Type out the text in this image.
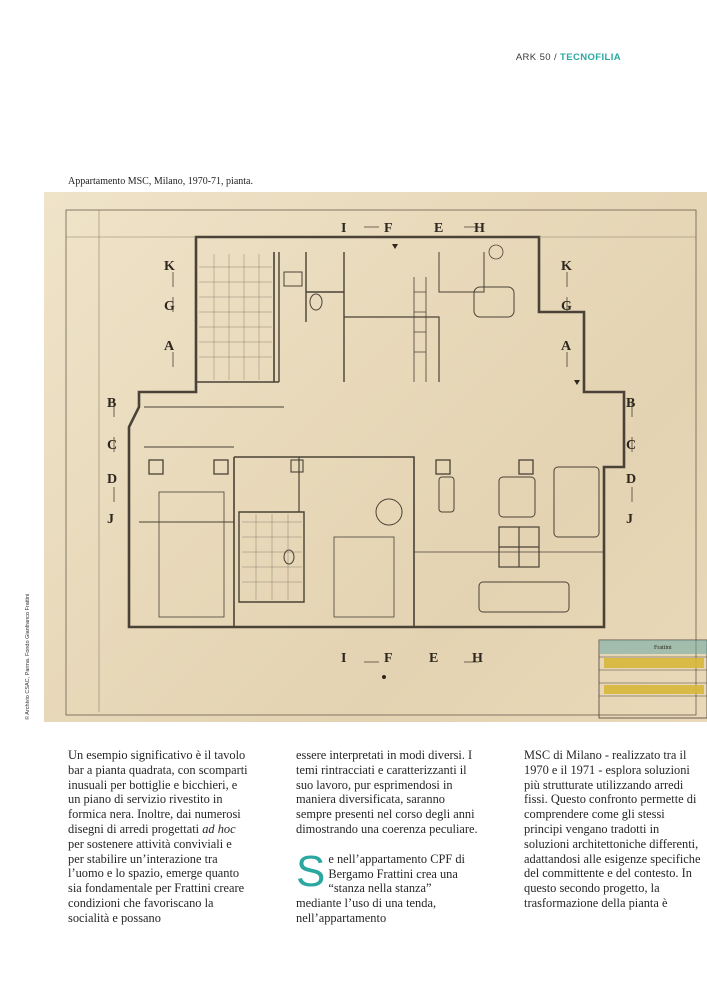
ARK 50 / TECNOFILIA
Appartamento MSC, Milano, 1970-71, pianta.
© Archivio CSAC, Parma. Fondo Gianfranco Frattini
I	F	E H
I	F	E H
K
G
A
B
C
D
J
K
G
A
B
C
D
J
Frattini

Un esempio significativo è il tavolo bar a pianta quadrata, con scomparti inusuali per bottiglie e bicchieri, e un piano di servizio rivestito in formica nera. Inoltre, dai numerosi disegni di arredi progettati ad hoc per sostenere attività conviviali e per stabilire un’interazione tra l’uomo e lo spazio, emerge quanto sia fondamentale per Frattini creare condizioni che favoriscano la socialità e possano

essere interpretati in modi diversi. I temi rintracciati e caratterizzanti il suo lavoro, pur esprimendosi in maniera diversificata, saranno sempre presenti nel corso degli anni dimostrando una coerenza peculiare.

Se nell’appartamento CPF di Bergamo Frattini crea una “stanza nella stanza” mediante l’uso di una tenda, nell’appartamento

MSC di Milano - realizzato tra il 1970 e il 1971 - esplora soluzioni più strutturate utilizzando arredi fissi. Questo confronto permette di comprendere come gli stessi principi vengano tradotti in soluzioni architettoniche differenti, adattandosi alle esigenze specifiche del committente e del contesto. In questo secondo progetto, la trasformazione della pianta è
